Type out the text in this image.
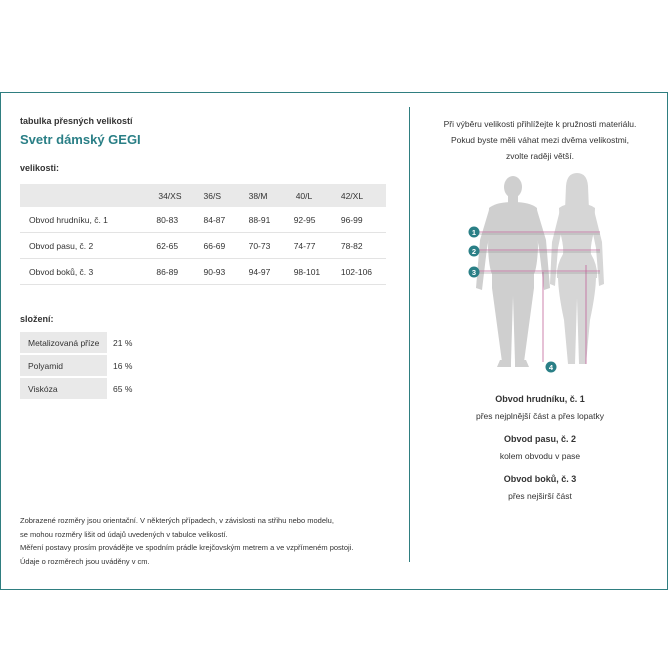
tabulka přesných velikostí
Svetr dámský GEGI
velikosti:
	34/XS	36/S	38/M	40/L	42/XL
Obvod hrudníku, č. 1	80-83	84-87	88-91	92-95	96-99
Obvod pasu, č. 2	62-65	66-69	70-73	74-77	78-82
Obvod boků, č. 3	86-89	90-93	94-97	98-101	102-106
složení:
Metalizovaná příze	21 %
Polyamid	16 %
Viskóza	65 %
Zobrazené rozměry jsou orientační. V některých případech, v závislosti na střihu nebo modelu,
se mohou rozměry lišit od údajů uvedených v tabulce velikostí.
Měření postavy prosím provádějte ve spodním prádle krejčovským metrem a ve vzpřímeném postoji.
Údaje o rozměrech jsou uváděny v cm.
Při výběru velikosti přihlížejte k pružnosti materiálu.
Pokud byste měli váhat mezi dvěma velikostmi,
zvolte raději větší.
1
2
3
4
Obvod hrudníku, č. 1
přes nejplnější část a přes lopatky
Obvod pasu, č. 2
kolem obvodu v pase
Obvod boků, č. 3
přes nejširší část
